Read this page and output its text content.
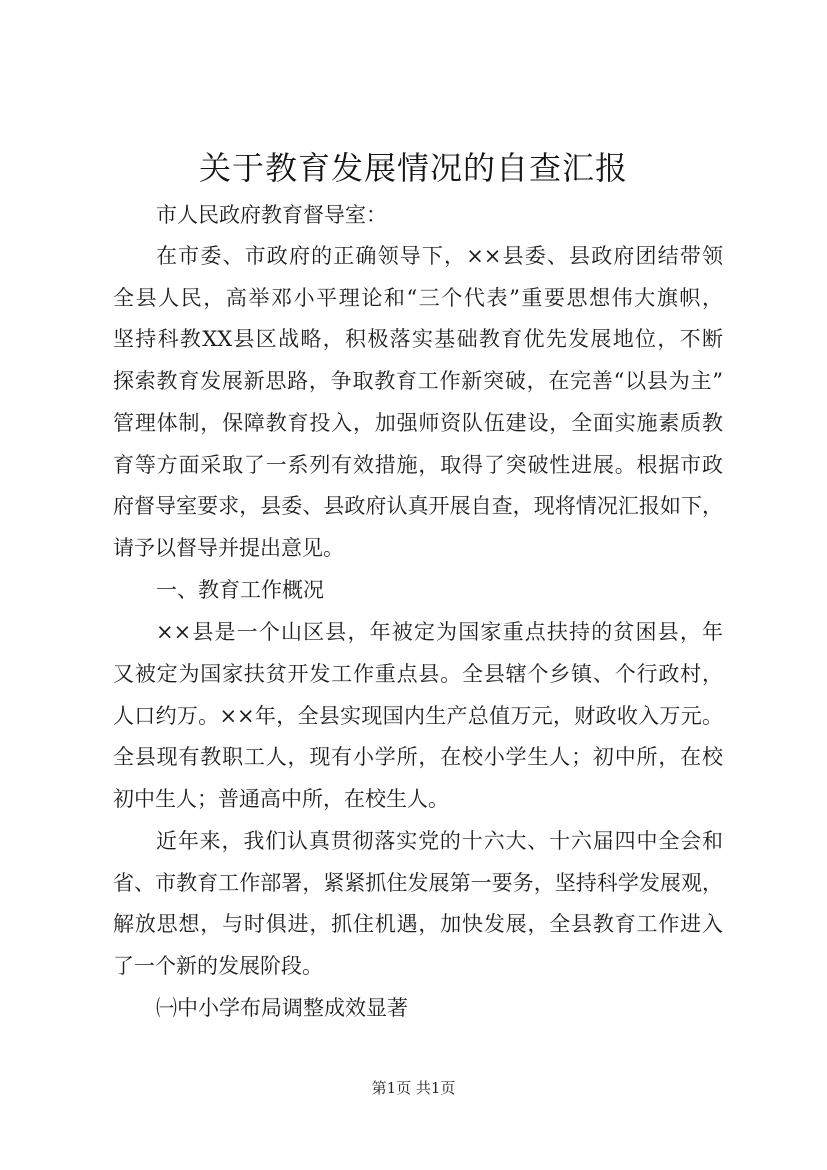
关于教育发展情况的自查汇报
市人民政府教育督导室：
在市委、市政府的正确领导下，××县委、县政府团结带领
全县人民，高举邓小平理论和“三个代表”重要思想伟大旗帜，
坚持科教XX县区战略，积极落实基础教育优先发展地位，不断
探索教育发展新思路，争取教育工作新突破，在完善“以县为主”
管理体制，保障教育投入，加强师资队伍建设，全面实施素质教
育等方面采取了一系列有效措施，取得了突破性进展。根据市政
府督导室要求，县委、县政府认真开展自查，现将情况汇报如下，
请予以督导并提出意见。
一、教育工作概况
××县是一个山区县，年被定为国家重点扶持的贫困县，年
又被定为国家扶贫开发工作重点县。全县辖个乡镇、个行政村，
人口约万。××年，全县实现国内生产总值万元，财政收入万元。
全县现有教职工人，现有小学所，在校小学生人；初中所，在校
初中生人；普通高中所，在校生人。
近年来，我们认真贯彻落实党的十六大、十六届四中全会和
省、市教育工作部署，紧紧抓住发展第一要务，坚持科学发展观，
解放思想，与时俱进，抓住机遇，加快发展，全县教育工作进入
了一个新的发展阶段。
㈠中小学布局调整成效显著
第1页 共1页
